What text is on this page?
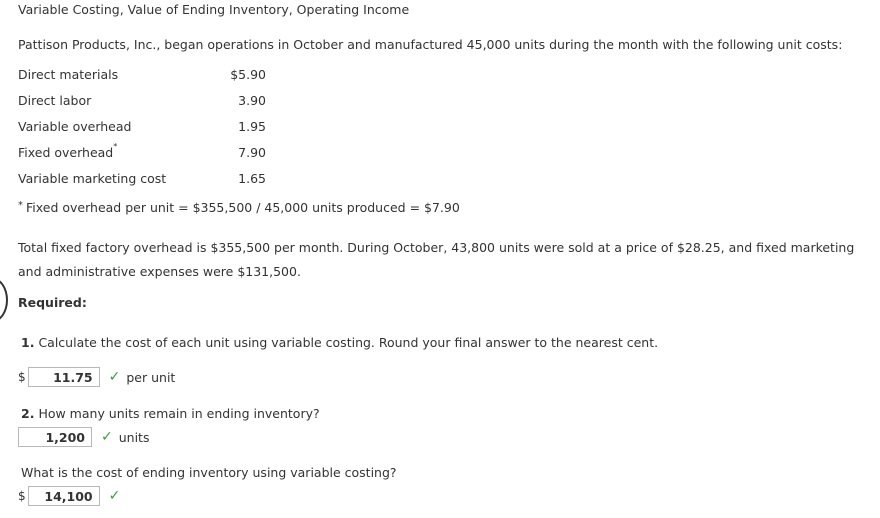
Variable Costing, Value of Ending Inventory, Operating Income
Pattison Products, Inc., began operations in October and manufactured 45,000 units during the month with the following unit costs:
Direct materials	$5.90
Direct labor	3.90
Variable overhead	1.95
Fixed overhead*	7.90
Variable marketing cost	1.65
* Fixed overhead per unit = $355,500 / 45,000 units produced = $7.90
Total fixed factory overhead is $355,500 per month. During October, 43,800 units were sold at a price of $28.25, and fixed marketing and administrative expenses were $131,500.
Required:
1. Calculate the cost of each unit using variable costing. Round your final answer to the nearest cent.
$	11.75	✓ per unit
2. How many units remain in ending inventory?
1,200	✓ units
What is the cost of ending inventory using variable costing?
$	14,100	✓
